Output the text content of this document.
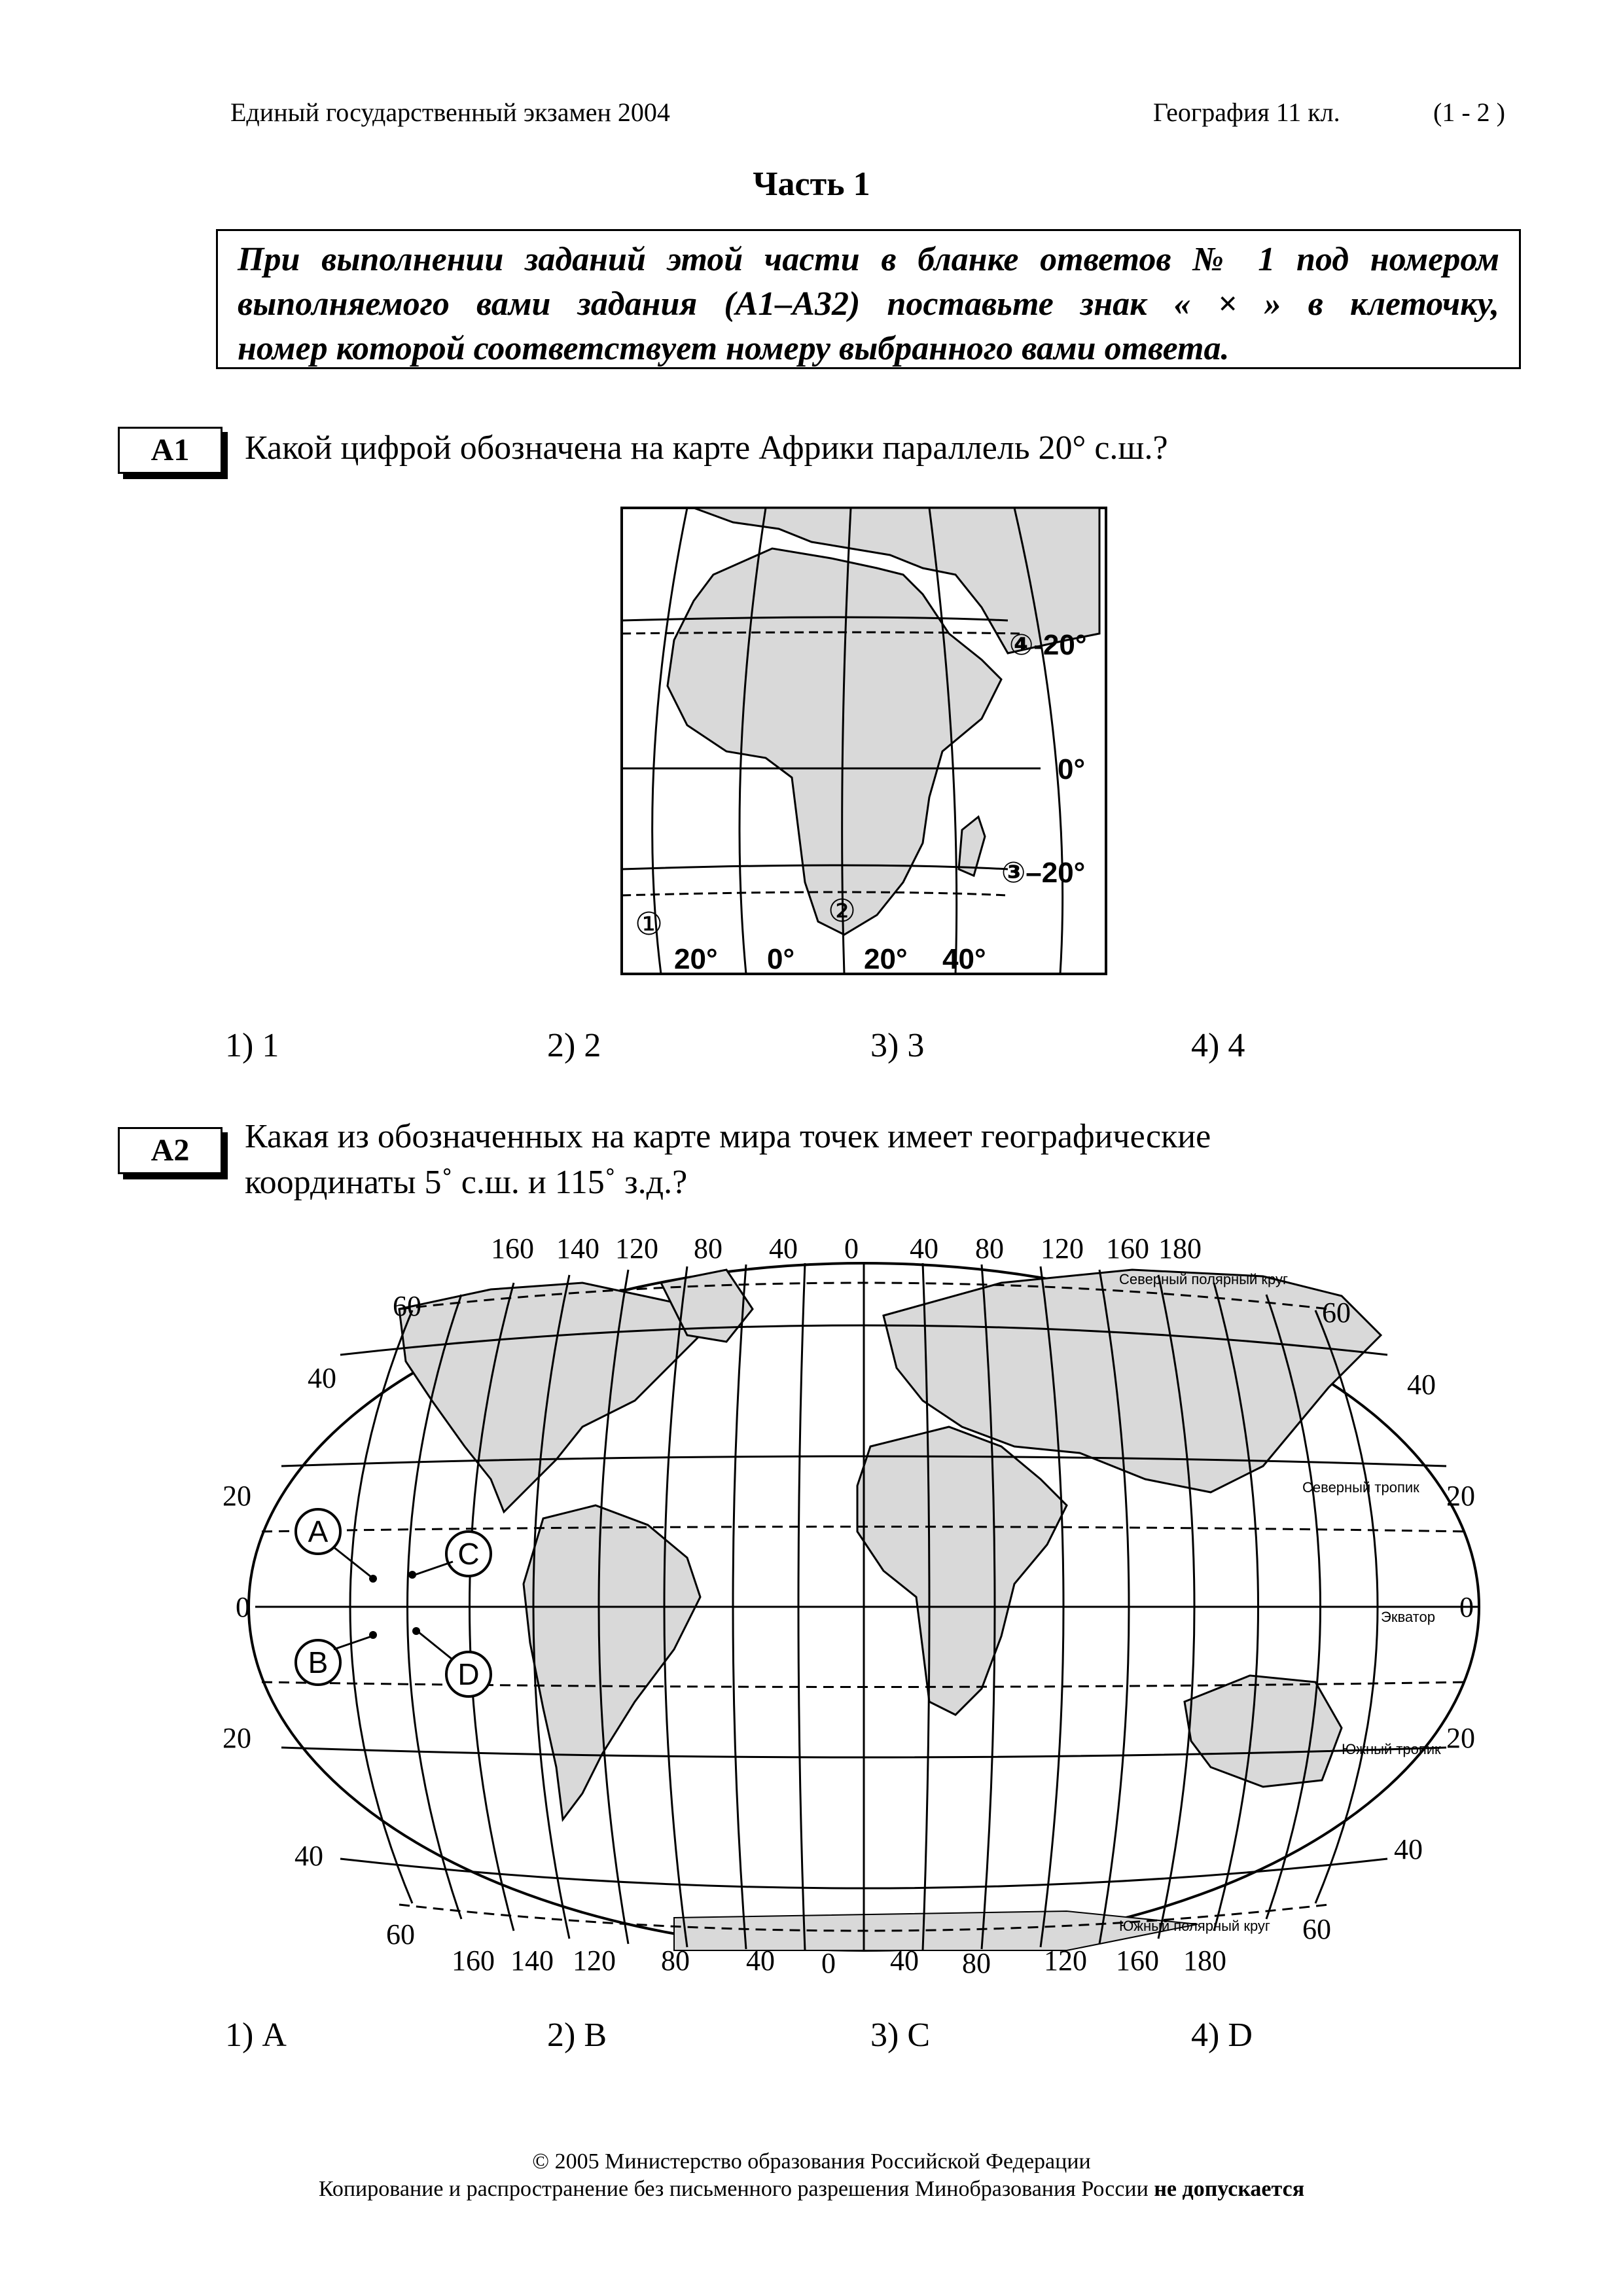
Единый государственный экзамен 2004	География 11 кл.	(1 - 2 )
Часть 1
При выполнении заданий этой части в бланке ответов № 1 под номером
выполняемого вами задания (А1–А32) поставьте знак « × » в клеточку,
номер которой соответствует номеру выбранного вами ответа.
А1	Какой цифрой обозначена на карте Африки параллель 20° с.ш.?
④-20°
0°
③–20°
①	②
20° 0° 20° 40°
1) 1	2) 2	3) 3	4) 4
А2	Какая из обозначенных на карте мира точек имеет географические
координаты 5˚ с.ш. и 115˚ з.д.?
Северный полярный круг
Северный тропик
Экватор
Южный тропик
Южный полярный круг
160 140 120 80 40 0 40 80 120 160 180
160 140 120 80 40 0 40 80 120 160 180
60
40
20
0
20
40
60
60
40
20
0
20
40
60
A
B
C
D
1) А	2) В	3) С	4) D
© 2005 Министерство образования Российской Федерации
Копирование и распространение без письменного разрешения Минобразования России не допускается
